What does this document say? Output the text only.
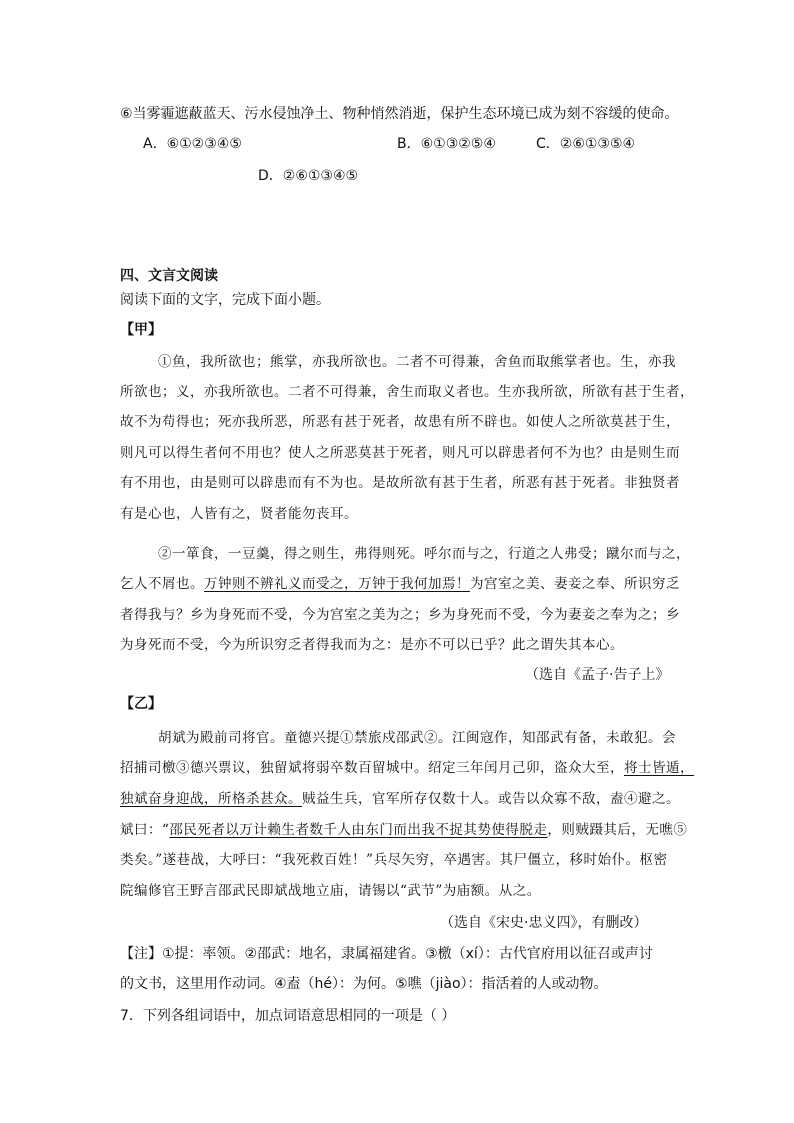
⑥当雾霾遮蔽蓝天、污水侵蚀净土、物种悄然消逝，保护生态环境已成为刻不容缓的使命。
A．⑥①②③④⑤	B．⑥①③②⑤④	C．②⑥①③⑤④
D．②⑥①③④⑤
四、文言文阅读
阅读下面的文字，完成下面小题。
【甲】
①鱼，我所欲也；熊掌，亦我所欲也。二者不可得兼，舍鱼而取熊掌者也。生，亦我
所欲也；义，亦我所欲也。二者不可得兼，舍生而取义者也。生亦我所欲，所欲有甚于生者，
故不为苟得也；死亦我所恶，所恶有甚于死者，故患有所不辟也。如使人之所欲莫甚于生，
则凡可以得生者何不用也？使人之所恶莫甚于死者，则凡可以辟患者何不为也？由是则生而
有不用也，由是则可以辟患而有不为也。是故所欲有甚于生者，所恶有甚于死者。非独贤者
有是心也，人皆有之，贤者能勿丧耳。
②一箪食，一豆羹，得之则生，弗得则死。呼尔而与之，行道之人弗受；蹴尔而与之，
乞人不屑也。万钟则不辨礼义而受之，万钟于我何加焉！为宫室之美、妻妾之奉、所识穷乏
者得我与？乡为身死而不受，今为宫室之美为之；乡为身死而不受，今为妻妾之奉为之；乡
为身死而不受，今为所识穷乏者得我而为之：是亦不可以已乎？此之谓失其本心。
（选自《孟子·告子上》
【乙】
胡斌为殿前司将官。童德兴提①禁旅戍邵武②。江闽寇作，知邵武有备，未敢犯。会
招捕司檄③德兴票议，独留斌将弱卒数百留城中。绍定三年闰月己卯，盗众大至，将士皆遁，
独斌奋身迎战，所格杀甚众。贼益生兵，官军所存仅数十人。或告以众寡不敌，盍④避之。
斌曰：“邵民死者以万计赖生者数千人由东门而出我不捉其势使得脱走，则贼蹑其后，无噍⑤
类矣。”遂巷战，大呼曰：“我死救百姓！”兵尽矢穷，卒遇害。其尸僵立，移时始仆。枢密
院编修官王野言邵武民即斌战地立庙，请锡以“武节”为庙额。从之。
（选自《宋史·忠义四》，有删改）
【注】①提：率领。②邵武：地名，隶属福建省。③檄（xí）：古代官府用以征召或声讨
的文书，这里用作动词。④盍（hé）：为何。⑤噍（jiào）：指活着的人或动物。
7．下列各组词语中，加点词语意思相同的一项是（ ）
